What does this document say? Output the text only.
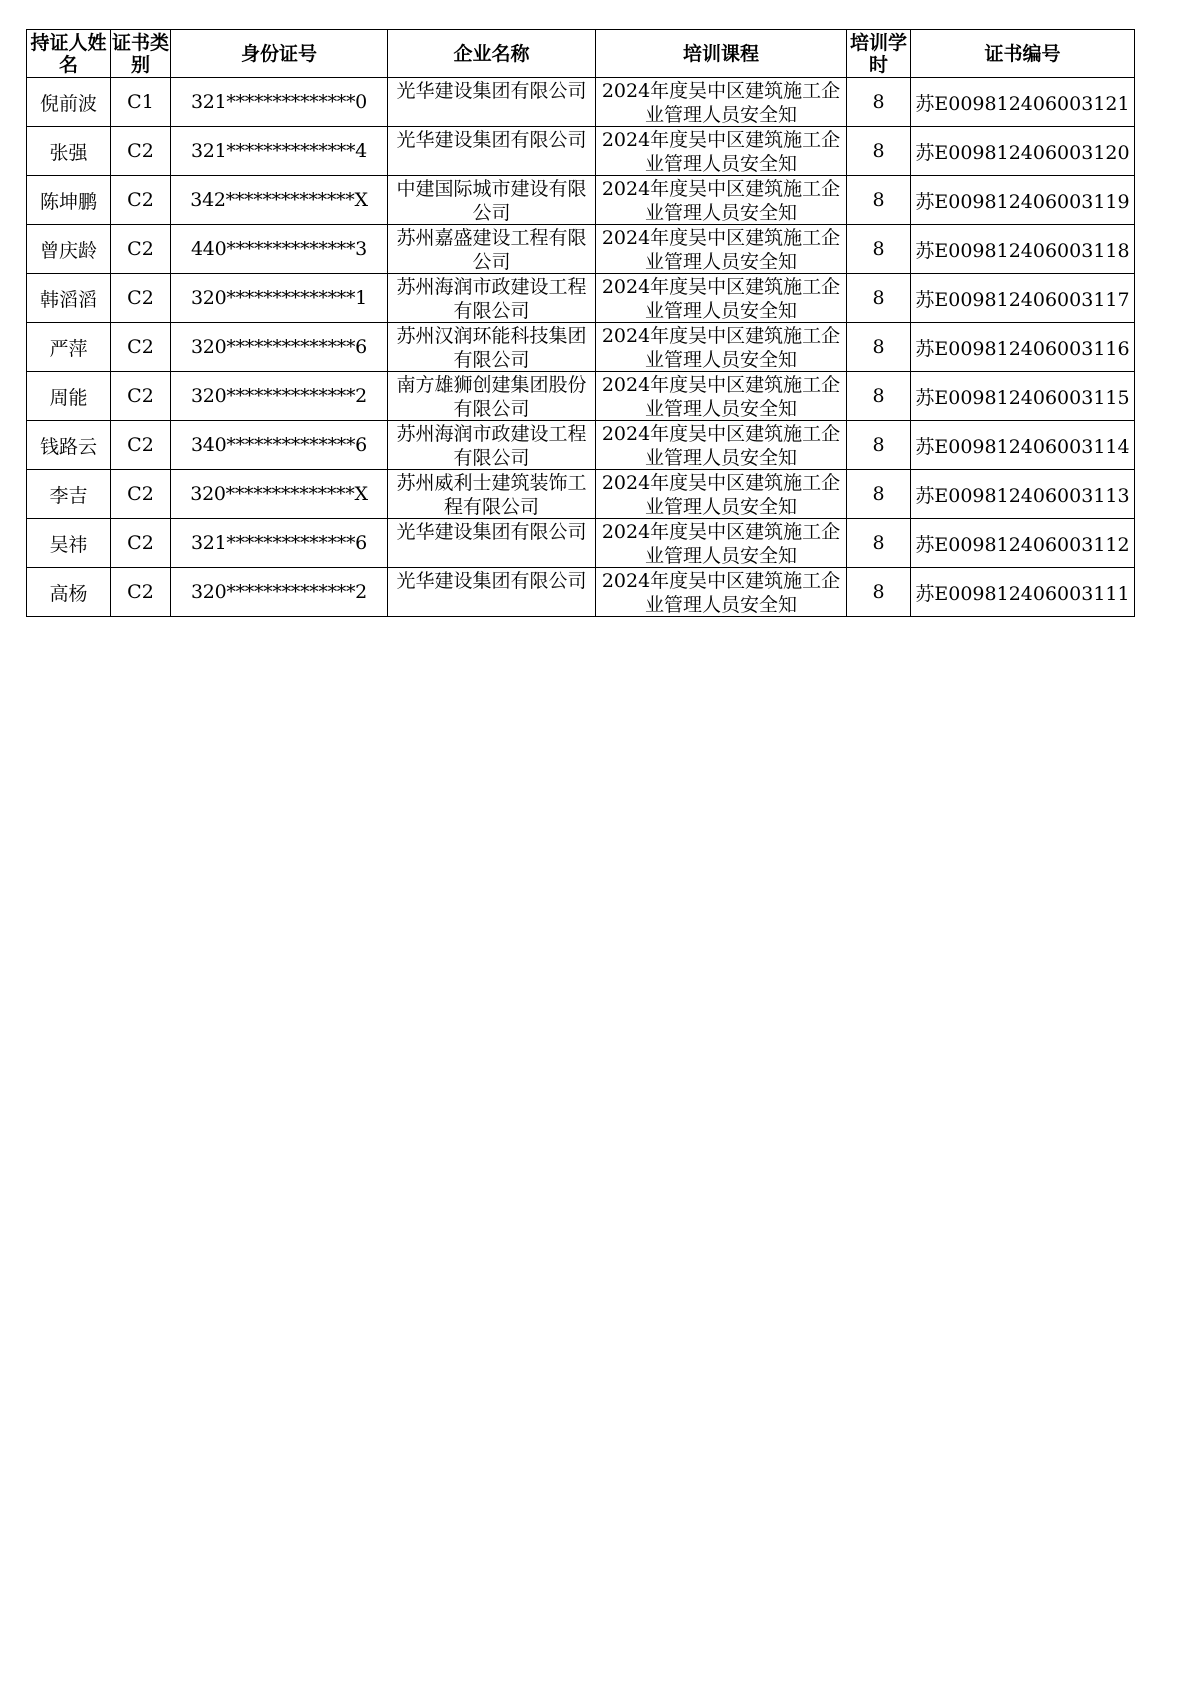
持证人姓名	证书类别	身份证号	企业名称	培训课程	培训学时	证书编号
倪前波	C1	321**************0	光华建设集团有限公司	2024年度吴中区建筑施工企业管理人员安全知	8	苏E009812406003121
张强	C2	321**************4	光华建设集团有限公司	2024年度吴中区建筑施工企业管理人员安全知	8	苏E009812406003120
陈坤鹏	C2	342**************X	中建国际城市建设有限公司	2024年度吴中区建筑施工企业管理人员安全知	8	苏E009812406003119
曾庆龄	C2	440**************3	苏州嘉盛建设工程有限公司	2024年度吴中区建筑施工企业管理人员安全知	8	苏E009812406003118
韩滔滔	C2	320**************1	苏州海润市政建设工程有限公司	2024年度吴中区建筑施工企业管理人员安全知	8	苏E009812406003117
严萍	C2	320**************6	苏州汉润环能科技集团有限公司	2024年度吴中区建筑施工企业管理人员安全知	8	苏E009812406003116
周能	C2	320**************2	南方雄狮创建集团股份有限公司	2024年度吴中区建筑施工企业管理人员安全知	8	苏E009812406003115
钱路云	C2	340**************6	苏州海润市政建设工程有限公司	2024年度吴中区建筑施工企业管理人员安全知	8	苏E009812406003114
李吉	C2	320**************X	苏州威利士建筑装饰工程有限公司	2024年度吴中区建筑施工企业管理人员安全知	8	苏E009812406003113
吴祎	C2	321**************6	光华建设集团有限公司	2024年度吴中区建筑施工企业管理人员安全知	8	苏E009812406003112
高杨	C2	320**************2	光华建设集团有限公司	2024年度吴中区建筑施工企业管理人员安全知	8	苏E009812406003111
